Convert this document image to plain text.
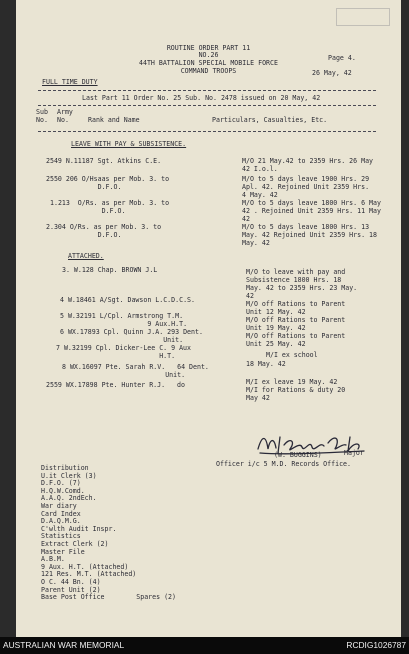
ROUTINE ORDER PART 11
NO.26
44TH BATTALION SPECIAL MOBILE FORCE
COMMAND TROOPS
Page 4.
26 May, 42
FULL TIME DUTY
Last Part 11 Order No. 25 Sub. No. 2478 issued on 20 May, 42
Sub
No.
Army
No.	Rank and Name	Particulars, Casualties, Etc.
LEAVE WITH PAY & SUBSISTENCE.
2549 N.11187 Sgt. Atkins C.E.	M/O 21 May.42 to 2359 Hrs. 26 May
42 I.o.l.
2550 206 O/Hsaas per Mob. 3. to
D.F.O.
M/O to 5 days leave 1900 Hrs. 29
Apl. 42. Rejoined Unit 2359 Hrs.
4 May. 42
1.213  O/Rs. as per Mob. 3. to
D.F.O.
M/O to 5 days leave 1800 Hrs. 6 May
42 . Rejoined Unit 2359 Hrs. 11 May
42
2.304 O/Rs. as per Mob. 3. to
D.F.O.
M/O to 5 days leave 1800 Hrs. 13
May. 42 Rejoined Unit 2359 Hrs. 18
May. 42
ATTACHED.
3. W.128 Chap. BROWN J.L	M/O to leave with pay and
Subsistence 1800 Hrs. 18
May. 42 to 2359 Hrs. 23 May.
42
4 W.18461 A/Sgt. Dawson L.C.D.C.S.	M/O off Rations to Parent
Unit 12 May. 42
5 W.32191 L/Cpl. Armstrong T.M.
9 Aux.H.T.	M/O off Rations to Parent
Unit 19 May. 42
6 WX.17893 Cpl. Quinn J.A. 293 Dent.
Unit.	M/O off Rations to Parent
Unit 25 May. 42
7 W.32199 Cpl. Dicker-Lee C. 9 Aux
H.T.	M/I ex school
18 May. 42
8 WX.16097 Pte. Sarah R.V.   64 Dent.
Unit.
2559 WX.17898 Pte. Hunter R.J.   do	M/I ex leave 19 May. 42
M/I for Rations & duty 20
May 42
(W. BUGGINS)	Major
Officer i/c 5 M.D. Records Office.
Distribution
U.it Clerk (3)
D.F.O. (7)
H.Q.W.Comd.
A.A.Q. 2ndEch.
War diary
Card Index
D.A.Q.M.G.
C'wlth Audit Inspr.
Statistics
Extract Clerk (2)
Master File
A.B.M.
9 Aux. H.T. (Attached)
121 Res. M.T. (Attached)
O C. 44 Bn. (4)
Parent Unit (2)
Base Post Office        Spares (2)
AUSTRALIAN WAR MEMORIAL	RCDIG1026787
